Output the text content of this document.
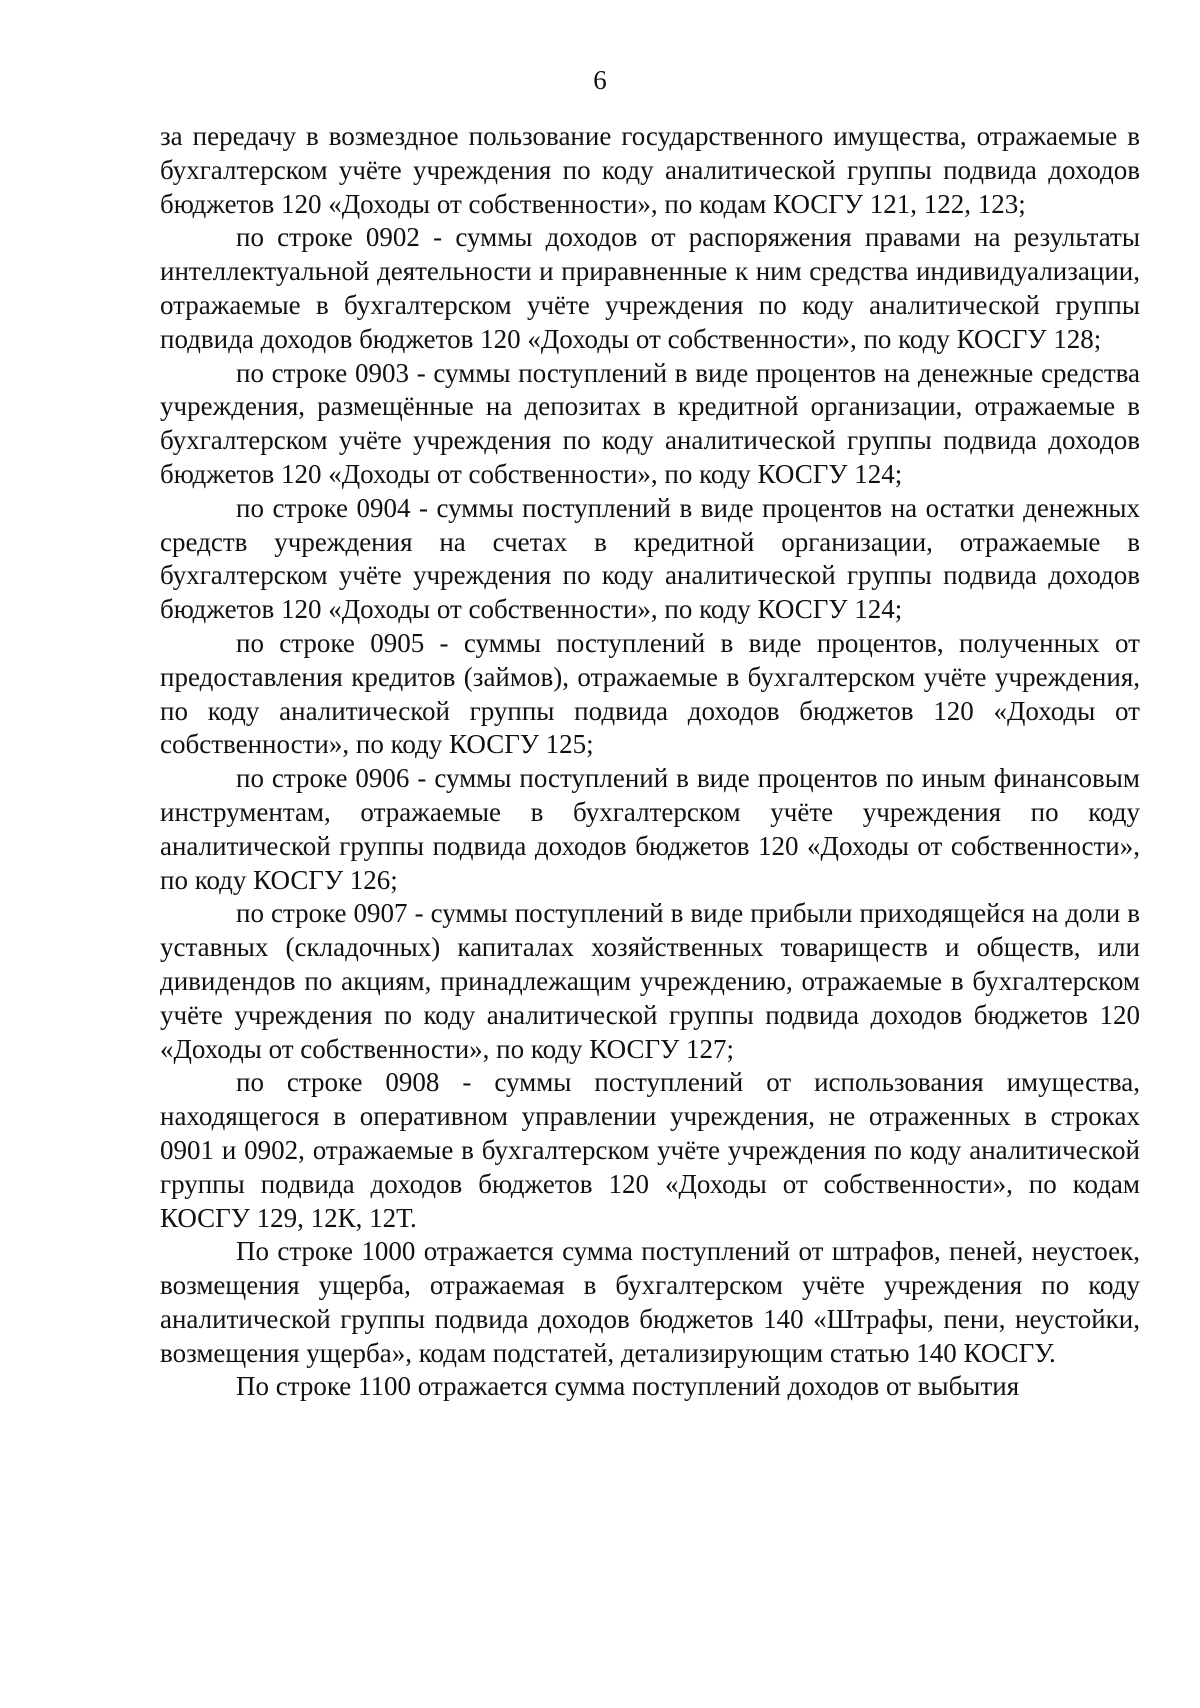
6

за передачу в возмездное пользование государственного имущества, отражаемые в бухгалтерском учёте учреждения по коду аналитической группы подвида доходов бюджетов 120 «Доходы от собственности», по кодам КОСГУ 121, 122, 123;

по строке 0902 - суммы доходов от распоряжения правами на результаты интеллектуальной деятельности и приравненные к ним средства индивидуализации, отражаемые в бухгалтерском учёте учреждения по коду аналитической группы подвида доходов бюджетов 120 «Доходы от собственности», по коду КОСГУ 128;

по строке 0903 - суммы поступлений в виде процентов на денежные средства учреждения, размещённые на депозитах в кредитной организации, отражаемые в бухгалтерском учёте учреждения по коду аналитической группы подвида доходов бюджетов 120 «Доходы от собственности», по коду КОСГУ 124;

по строке 0904 - суммы поступлений в виде процентов на остатки денежных средств учреждения на счетах в кредитной организации, отражаемые в бухгалтерском учёте учреждения по коду аналитической группы подвида доходов бюджетов 120 «Доходы от собственности», по коду КОСГУ 124;

по строке 0905 - суммы поступлений в виде процентов, полученных от предоставления кредитов (займов), отражаемые в бухгалтерском учёте учреждения, по коду аналитической группы подвида доходов бюджетов 120 «Доходы от собственности», по коду КОСГУ 125;

по строке 0906 - суммы поступлений в виде процентов по иным финансовым инструментам, отражаемые в бухгалтерском учёте учреждения по коду аналитической группы подвида доходов бюджетов 120 «Доходы от собственности», по коду КОСГУ 126;

по строке 0907 - суммы поступлений в виде прибыли приходящейся на доли в уставных (складочных) капиталах хозяйственных товариществ и обществ, или дивидендов по акциям, принадлежащим учреждению, отражаемые в бухгалтерском учёте учреждения по коду аналитической группы подвида доходов бюджетов 120 «Доходы от собственности», по коду КОСГУ 127;

по строке 0908 - суммы поступлений от использования имущества, находящегося в оперативном управлении учреждения, не отраженных в строках 0901 и 0902, отражаемые в бухгалтерском учёте учреждения по коду аналитической группы подвида доходов бюджетов 120 «Доходы от собственности», по кодам КОСГУ 129, 12К, 12Т.

По строке 1000 отражается сумма поступлений от штрафов, пеней, неустоек, возмещения ущерба, отражаемая в бухгалтерском учёте учреждения по коду аналитической группы подвида доходов бюджетов 140 «Штрафы, пени, неустойки, возмещения ущерба», кодам подстатей, детализирующим статью 140 КОСГУ.

По строке 1100 отражается сумма поступлений доходов от выбытия
